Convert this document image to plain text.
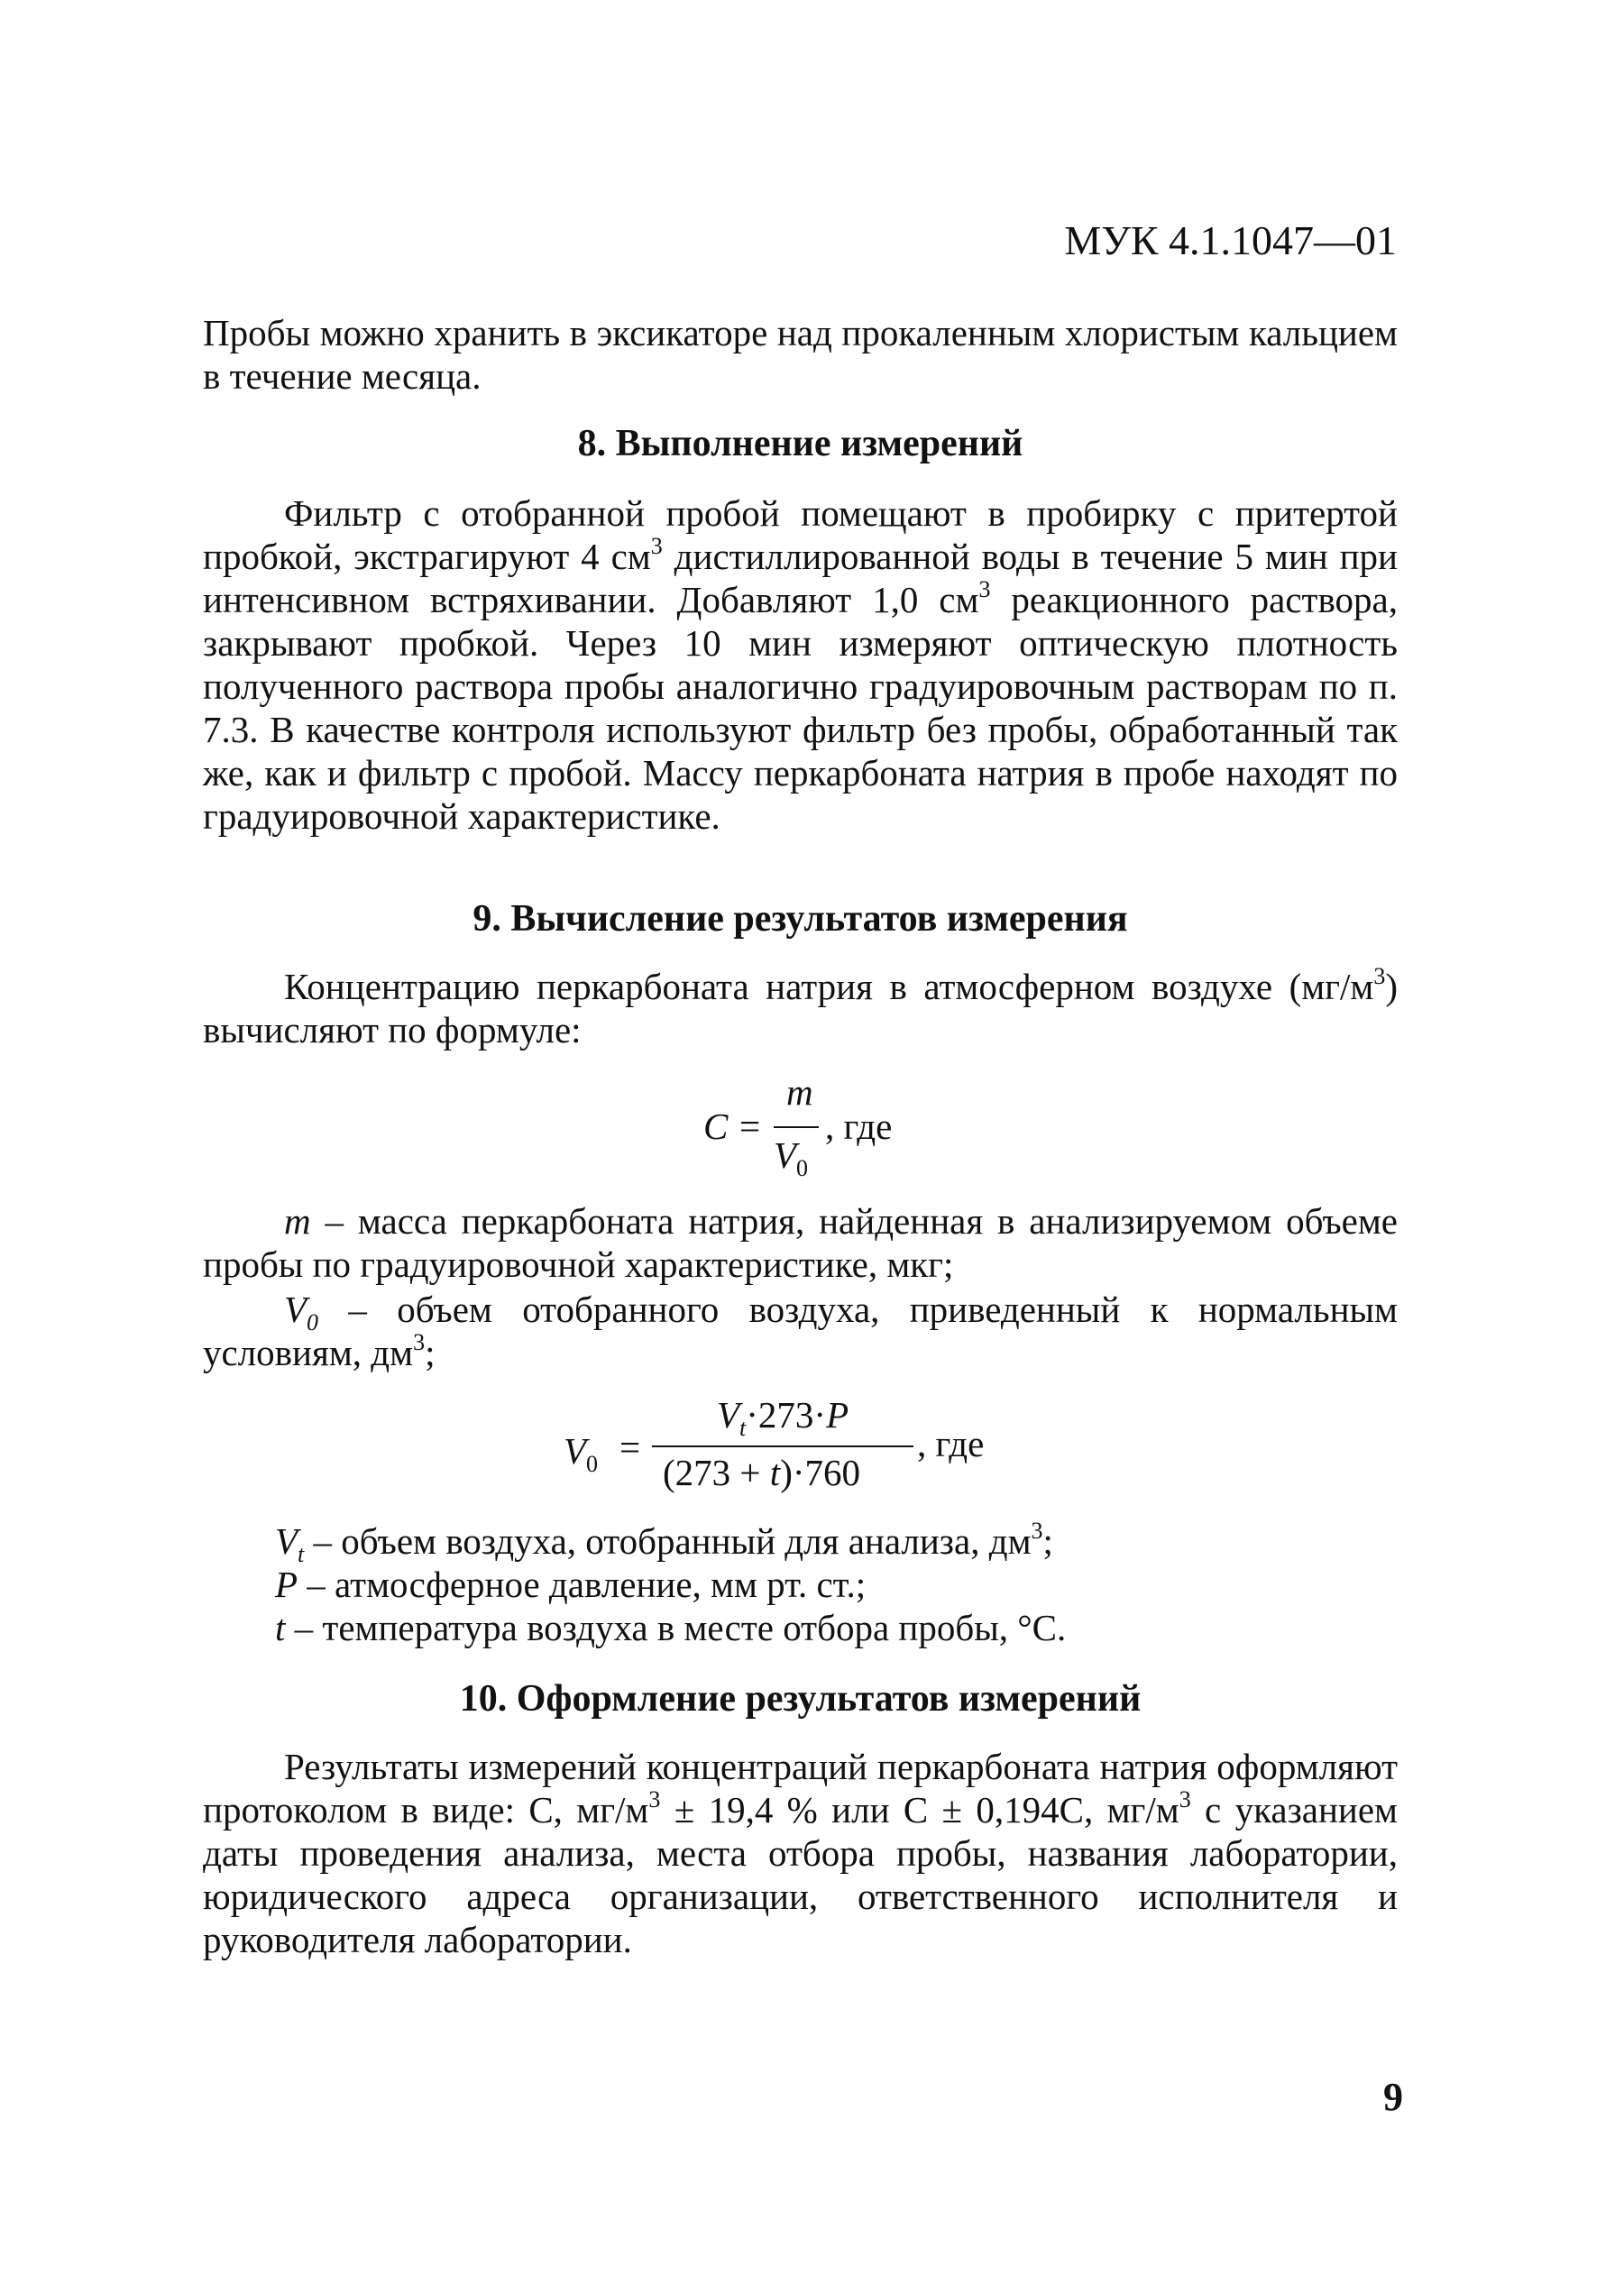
МУК 4.1.1047—01
Пробы можно хранить в эксикаторе над прокаленным хлористым кальцием в течение месяца.
8. Выполнение измерений
Фильтр с отобранной пробой помещают в пробирку с притертой пробкой, экстрагируют 4 $см^3$ дистиллированной воды в течение 5 мин при интенсивном встряхивании. Добавляют 1,0 $см^3$ реакционного раствора, закрывают пробкой. Через 10 мин измеряют оптическую плотность полученного раствора пробы аналогично градуировочным растворам по п. 7.3. В качестве контроля используют фильтр без пробы, обработанный так же, как и фильтр с пробой. Массу перкарбоната натрия в пробе находят по градуировочной характеристике.
9. Вычисление результатов измерения
Концентрацию перкарбоната натрия в атмосферном воздухе $(мг/м^3)$ вычисляют по формуле:
C =
m
$V_0$
, где
m – масса перкарбоната натрия, найденная в анализируемом объеме пробы по градуировочной характеристике, мкг;
$V_0$ – объем отобранного воздуха, приведенный к нормальным условиям, $дм^3$;
$V_0$ =
$V_t\cdot 273\cdot P$
(273 + t)·760
, где
$V_t$ – объем воздуха, отобранный для анализа, $дм^3$;
P – атмосферное давление, мм рт. ст.;
t – температура воздуха в месте отбора пробы, °С.
10. Оформление результатов измерений
Результаты измерений концентраций перкарбоната натрия оформляют протоколом в виде: С, $мг/м^3 \pm 19,4$ % или С ± 0,194С, $мг/м^3$ с указанием даты проведения анализа, места отбора пробы, названия лаборатории, юридического адреса организации, ответственного исполнителя и руководителя лаборатории.
9
